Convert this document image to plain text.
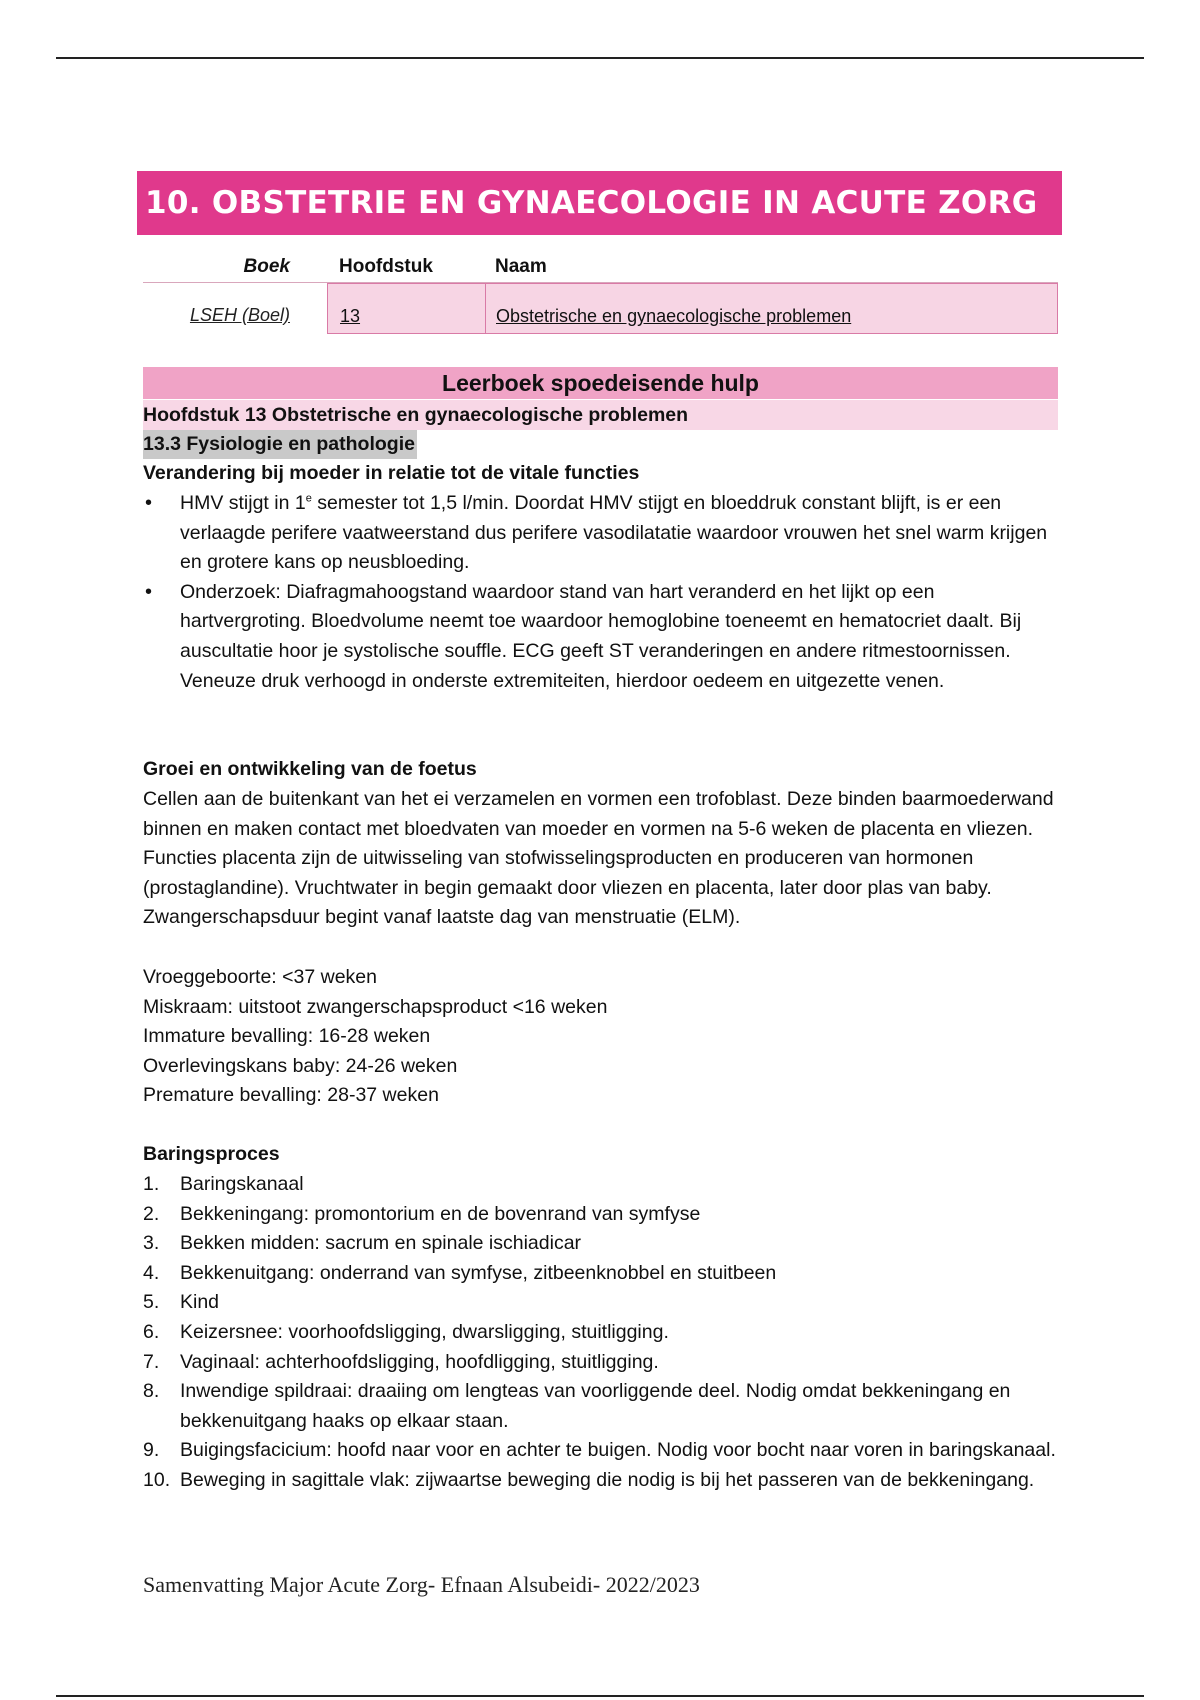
10. OBSTETRIE EN GYNAECOLOGIE IN ACUTE ZORG
Boek	Hoofdstuk	Naam
LSEH (Boel)	13	Obstetrische en gynaecologische problemen
Leerboek spoedeisende hulp
Hoofdstuk 13 Obstetrische en gynaecologische problemen
13.3 Fysiologie en pathologie
Verandering bij moeder in relatie tot de vitale functies
• HMV stijgt in 1e semester tot 1,5 l/min. Doordat HMV stijgt en bloeddruk constant blijft, is er een verlaagde perifere vaatweerstand dus perifere vasodilatatie waardoor vrouwen het snel warm krijgen en grotere kans op neusbloeding.
• Onderzoek: Diafragmahoogstand waardoor stand van hart veranderd en het lijkt op een hartvergroting. Bloedvolume neemt toe waardoor hemoglobine toeneemt en hematocriet daalt. Bij auscultatie hoor je systolische souffle. ECG geeft ST veranderingen en andere ritmestoornissen. Veneuze druk verhoogd in onderste extremiteiten, hierdoor oedeem en uitgezette venen.
Groei en ontwikkeling van de foetus
Cellen aan de buitenkant van het ei verzamelen en vormen een trofoblast. Deze binden baarmoederwand binnen en maken contact met bloedvaten van moeder en vormen na 5-6 weken de placenta en vliezen. Functies placenta zijn de uitwisseling van stofwisselingsproducten en produceren van hormonen (prostaglandine). Vruchtwater in begin gemaakt door vliezen en placenta, later door plas van baby. Zwangerschapsduur begint vanaf laatste dag van menstruatie (ELM).
Vroeggeboorte: <37 weken
Miskraam: uitstoot zwangerschapsproduct <16 weken
Immature bevalling: 16-28 weken
Overlevingskans baby: 24-26 weken
Premature bevalling: 28-37 weken
Baringsproces
1. Baringskanaal
2. Bekkeningang: promontorium en de bovenrand van symfyse
3. Bekken midden: sacrum en spinale ischiadicar
4. Bekkenuitgang: onderrand van symfyse, zitbeenknobbel en stuitbeen
5. Kind
6. Keizersnee: voorhoofdsligging, dwarsligging, stuitligging.
7. Vaginaal: achterhoofdsligging, hoofdligging, stuitligging.
8. Inwendige spildraai: draaiing om lengteas van voorliggende deel. Nodig omdat bekkeningang en bekkenuitgang haaks op elkaar staan.
9. Buigingsfacicium: hoofd naar voor en achter te buigen. Nodig voor bocht naar voren in baringskanaal.
10. Beweging in sagittale vlak: zijwaartse beweging die nodig is bij het passeren van de bekkeningang.
Samenvatting Major Acute Zorg- Efnaan Alsubeidi- 2022/2023
